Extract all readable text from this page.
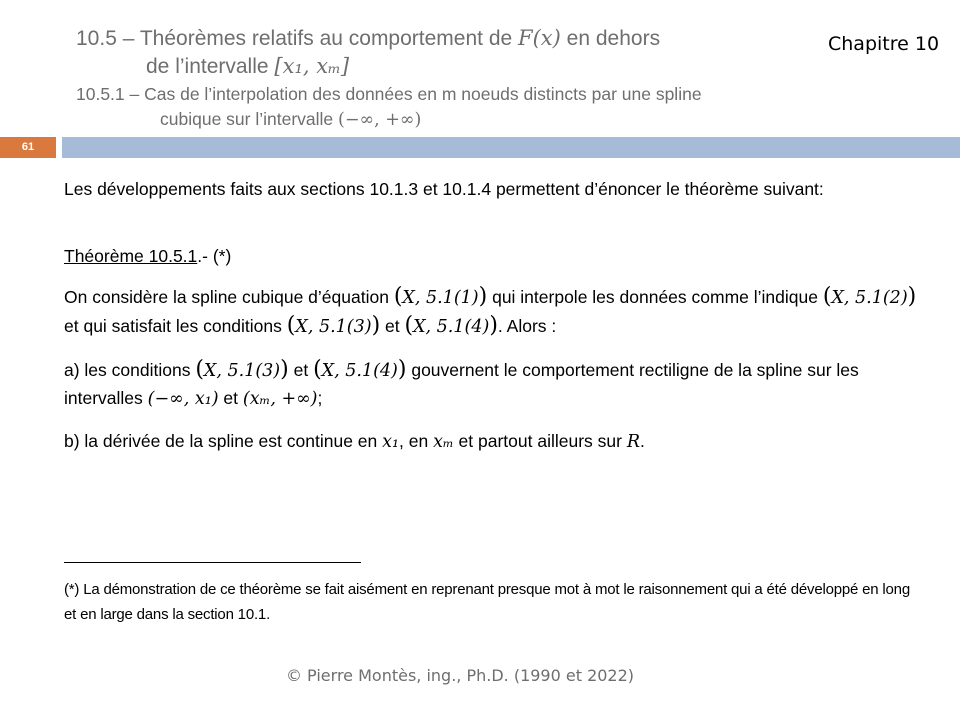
10.5 – Théorèmes relatifs au comportement de F(x) en dehors
de l’intervalle [x₁, xₘ]
10.5.1 – Cas de l’interpolation des données en m noeuds distincts par une spline
cubique sur l’intervalle (−∞, +∞)
Chapitre 10
61
Les développements faits aux sections 10.1.3 et 10.1.4 permettent d’énoncer le théorème suivant:
Théorème 10.5.1.- (*)
On considère la spline cubique d’équation (X, 5.1(1)) qui interpole les données comme l’indique (X, 5.1(2)) et qui satisfait les conditions (X, 5.1(3)) et (X, 5.1(4)). Alors :
a) les conditions (X, 5.1(3)) et (X, 5.1(4)) gouvernent le comportement rectiligne de la spline sur les intervalles (−∞, x₁) et (xₘ, +∞);
b) la dérivée de la spline est continue en x₁, en xₘ et partout ailleurs sur R.
(*) La démonstration de ce théorème se fait aisément en reprenant presque mot à mot le raisonnement qui a été développé en long et en large dans la section 10.1.
© Pierre Montès, ing., Ph.D. (1990 et 2022)
